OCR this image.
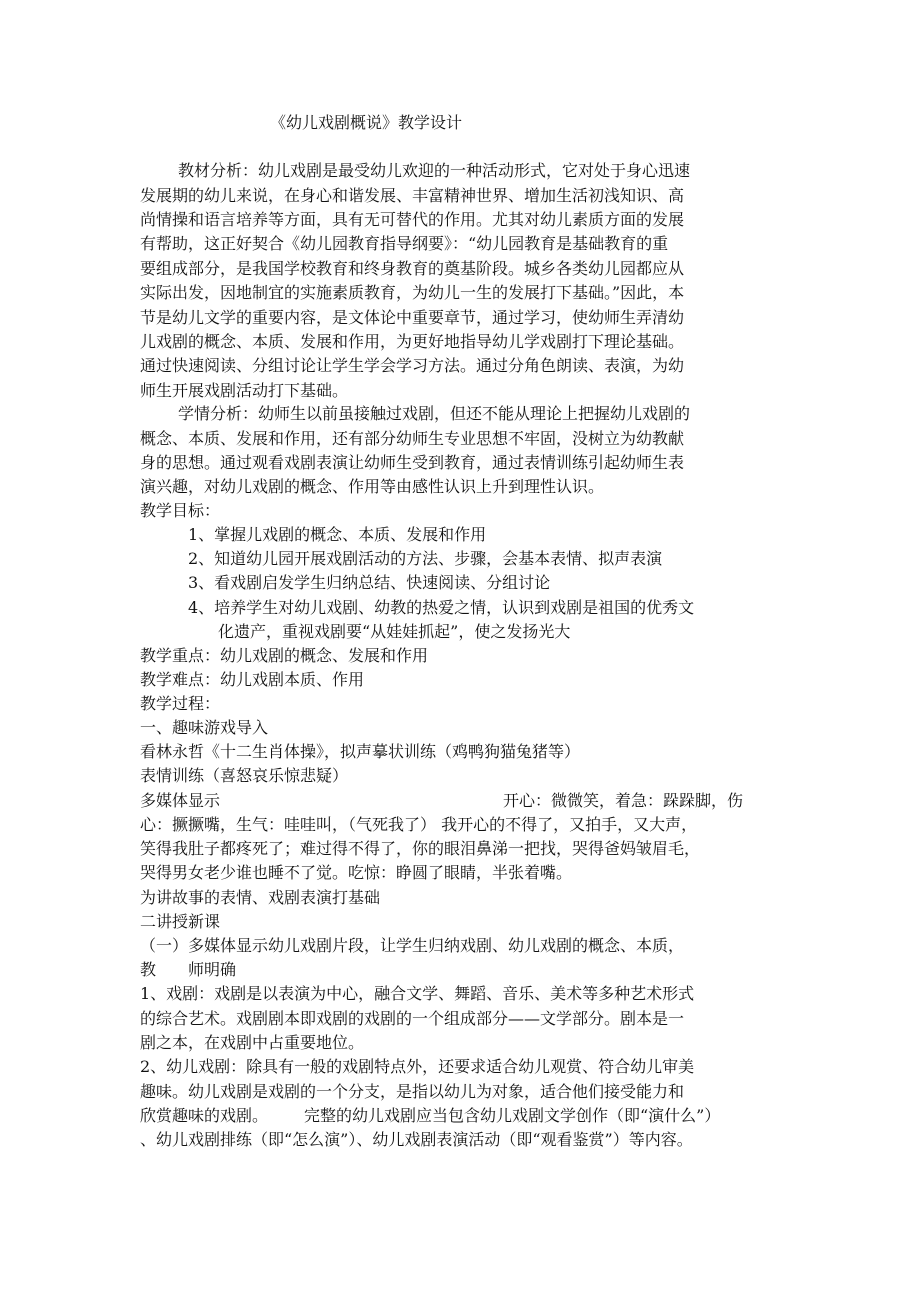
《幼儿戏剧概说》教学设计
教材分析：幼儿戏剧是最受幼儿欢迎的一种活动形式，它对处于身心迅速
发展期的幼儿来说，在身心和谐发展、丰富精神世界、增加生活初浅知识、高
尚情操和语言培养等方面，具有无可替代的作用。尤其对幼儿素质方面的发展
有帮助，这正好契合《幼儿园教育指导纲要》：“幼儿园教育是基础教育的重
要组成部分，是我国学校教育和终身教育的奠基阶段。城乡各类幼儿园都应从
实际出发，因地制宜的实施素质教育，为幼儿一生的发展打下基础。”因此，本
节是幼儿文学的重要内容，是文体论中重要章节，通过学习，使幼师生弄清幼
儿戏剧的概念、本质、发展和作用，为更好地指导幼儿学戏剧打下理论基础。
通过快速阅读、分组讨论让学生学会学习方法。通过分角色朗读、表演，为幼
师生开展戏剧活动打下基础。
学情分析：幼师生以前虽接触过戏剧，但还不能从理论上把握幼儿戏剧的
概念、本质、发展和作用，还有部分幼师生专业思想不牢固，没树立为幼教献
身的思想。通过观看戏剧表演让幼师生受到教育，通过表情训练引起幼师生表
演兴趣，对幼儿戏剧的概念、作用等由感性认识上升到理性认识。
教学目标：
1、掌握儿戏剧的概念、本质、发展和作用
2、知道幼儿园开展戏剧活动的方法、步骤，会基本表情、拟声表演
3、看戏剧启发学生归纳总结、快速阅读、分组讨论
4、培养学生对幼儿戏剧、幼教的热爱之情，认识到戏剧是祖国的优秀文
化遗产，重视戏剧要“从娃娃抓起”，使之发扬光大
教学重点：幼儿戏剧的概念、发展和作用
教学难点：幼儿戏剧本质、作用
教学过程：
一、趣味游戏导入
看林永哲《十二生肖体操》，拟声摹状训练（鸡鸭狗猫兔猪等）
表情训练（喜怒哀乐惊悲疑）
多媒体显示	开心：微微笑，着急：跺跺脚，伤
心：撅撅嘴，生气：哇哇叫，（气死我了） 我开心的不得了，又拍手，又大声，
笑得我肚子都疼死了；难过得不得了，你的眼泪鼻涕一把找，哭得爸妈皱眉毛，
哭得男女老少谁也睡不了觉。吃惊：睁圆了眼睛，半张着嘴。
为讲故事的表情、戏剧表演打基础
二讲授新课
（一）多媒体显示幼儿戏剧片段，让学生归纳戏剧、幼儿戏剧的概念、本质，
教 师明确
1、戏剧：戏剧是以表演为中心，融合文学、舞蹈、音乐、美术等多种艺术形式
的综合艺术。戏剧剧本即戏剧的戏剧的一个组成部分——文学部分。剧本是一
剧之本，在戏剧中占重要地位。
2、幼儿戏剧：除具有一般的戏剧特点外，还要求适合幼儿观赏、符合幼儿审美
趣味。幼儿戏剧是戏剧的一个分支，是指以幼儿为对象，适合他们接受能力和
欣赏趣味的戏剧。 完整的幼儿戏剧应当包含幼儿戏剧文学创作（即“演什么”）
、幼儿戏剧排练（即“怎么演”）、幼儿戏剧表演活动（即“观看鉴赏”）等内容。
